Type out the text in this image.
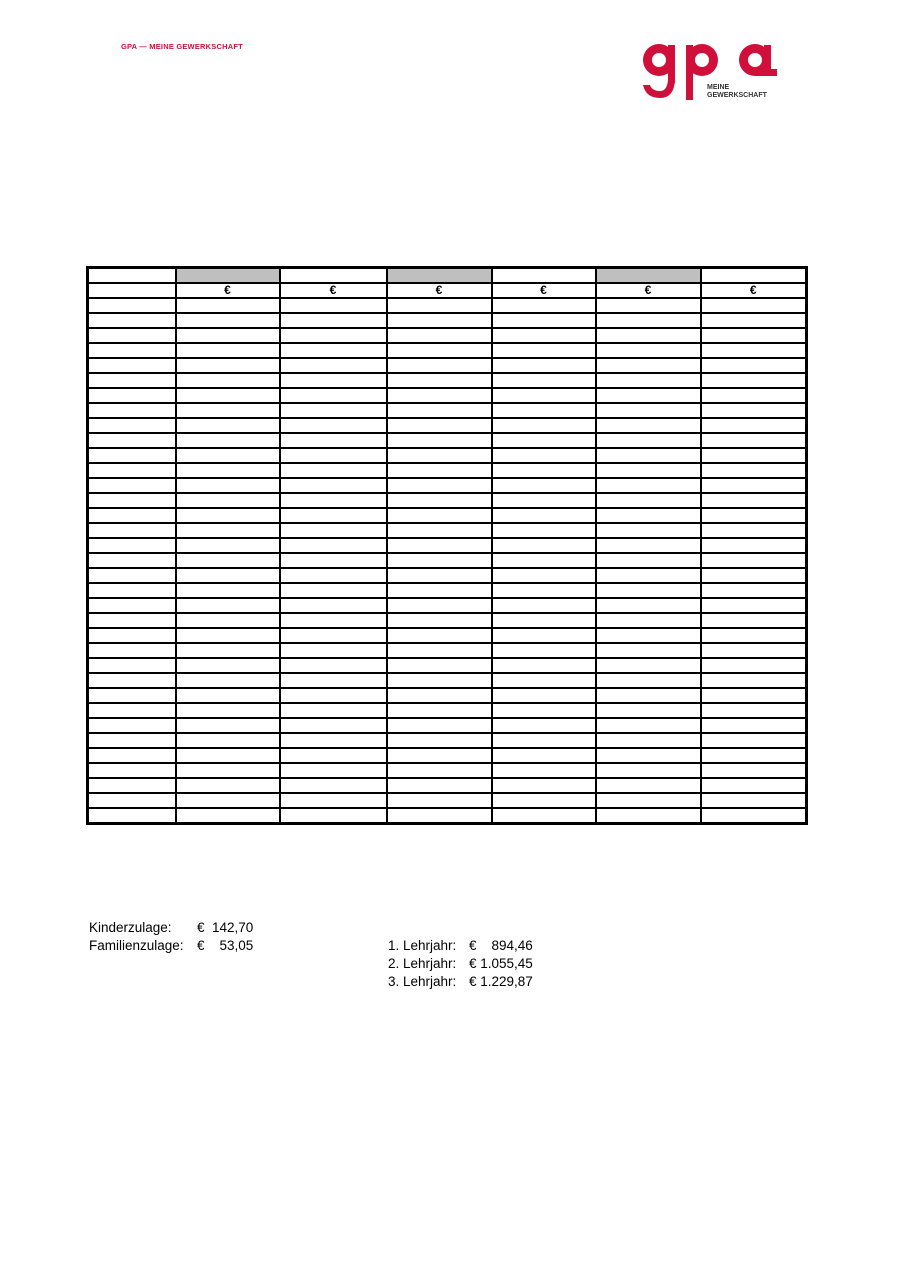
GPA — MEINE GEWERKSCHAFT
MEINE
GEWERKSCHAFT

	€	€	€	€	€	€

Kinderzulage: €  142,70
Familienzulage: €    53,05	1. Lehrjahr: €    894,46
2. Lehrjahr: € 1.055,45
3. Lehrjahr: € 1.229,87
